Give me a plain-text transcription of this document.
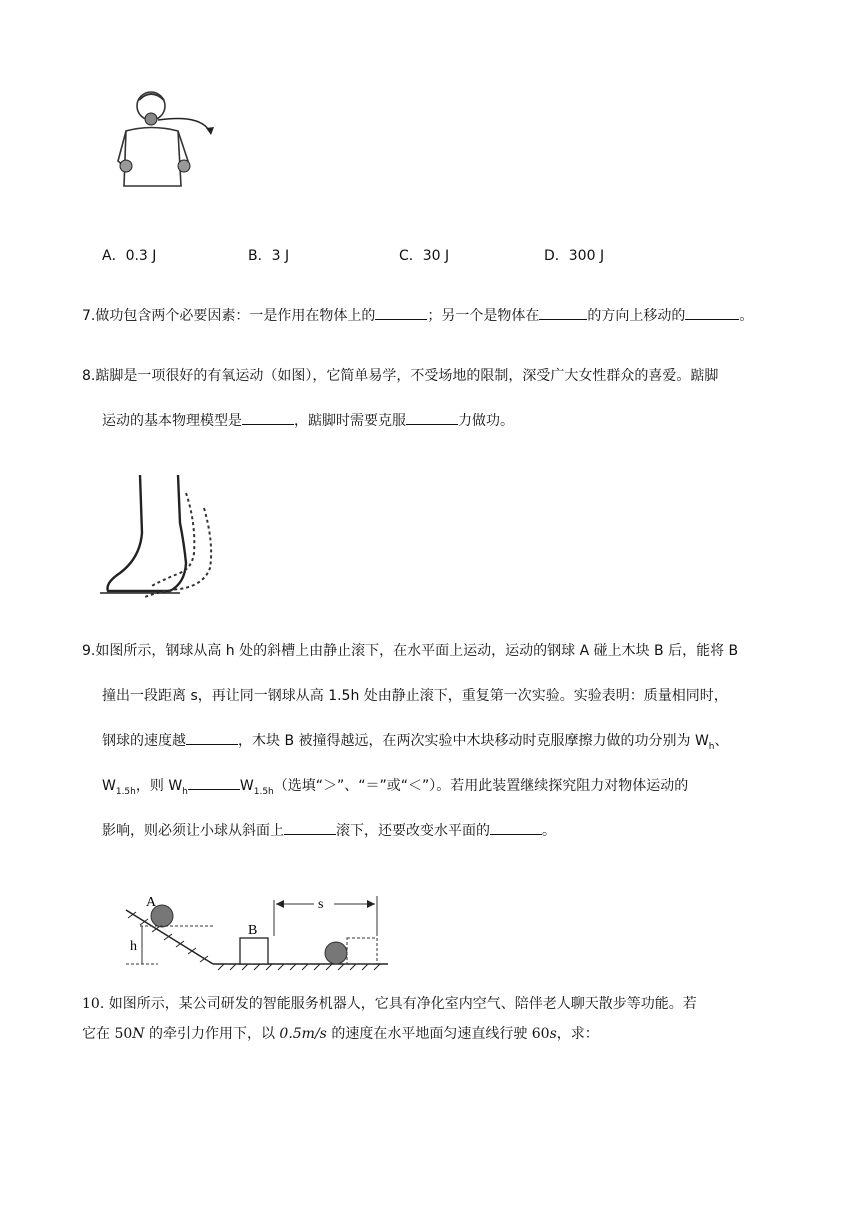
A．0.3 J	B．3 J	C．30 J	D．300 J
7.做功包含两个必要因素：一是作用在物体上的	；另一个是物体在	的方向上移动的	。
8.踮脚是一项很好的有氧运动（如图），它简单易学，不受场地的限制，深受广大女性群众的喜爱。踮脚
运动的基本物理模型是	，踮脚时需要克服	力做功。
9.如图所示，钢球从高 h 处的斜槽上由静止滚下，在水平面上运动，运动的钢球 A 碰上木块 B 后，能将 B
撞出一段距离 s，再让同一钢球从高 1.5h 处由静止滚下，重复第一次实验。实验表明：质量相同时，
钢球的速度越	，木块 B 被撞得越远，在两次实验中木块移动时克服摩擦力做的功分别为 $W_h$、
$W_{1.5h}$，则 $W_h$	$W_{1.5h}$（选填“＞”、“＝”或“＜”）。若用此装置继续探究阻力对物体运动的
影响，则必须让小球从斜面上	滚下，还要改变水平面的	。
h
A
B
s
10. 如图所示，某公司研发的智能服务机器人，它具有净化室内空气、陪伴老人聊天散步等功能。若
它在 50N 的牵引力作用下，以 0.5m/s 的速度在水平地面匀速直线行驶 60s，求：
